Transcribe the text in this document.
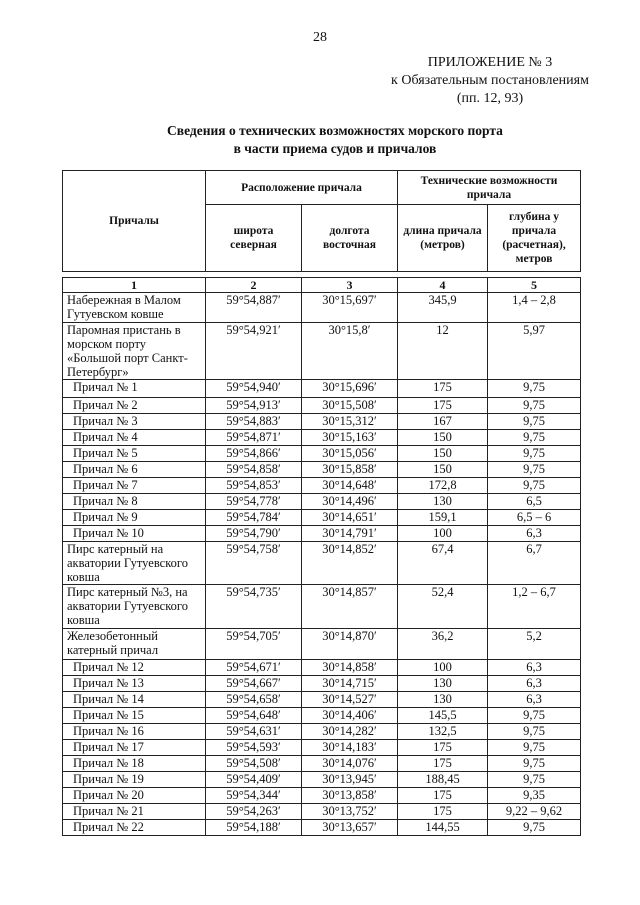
28
ПРИЛОЖЕНИЕ № 3
к Обязательным постановлениям
(пп. 12, 93)
Сведения о технических возможностях морского порта
в части приема судов и причалов
Причалы	Расположение причала		Технические возможности причала	
	широта северная	долгота восточная	длина причала (метров)	глубина у причала (расчетная), метров
1	2	3	4	5
Набережная в Малом Гутуевском ковше	59°54,887′	30°15,697′	345,9	1,4 – 2,8
Паромная пристань в морском порту «Большой порт Санкт-Петербург»	59°54,921′	30°15,8′	12	5,97
Причал № 1	59°54,940′	30°15,696′	175	9,75
Причал № 2	59°54,913′	30°15,508′	175	9,75
Причал № 3	59°54,883′	30°15,312′	167	9,75
Причал № 4	59°54,871′	30°15,163′	150	9,75
Причал № 5	59°54,866′	30°15,056′	150	9,75
Причал № 6	59°54,858′	30°15,858′	150	9,75
Причал № 7	59°54,853′	30°14,648′	172,8	9,75
Причал № 8	59°54,778′	30°14,496′	130	6,5
Причал № 9	59°54,784′	30°14,651′	159,1	6,5 – 6
Причал № 10	59°54,790′	30°14,791′	100	6,3
Пирс катерный на акватории Гутуевского ковша	59°54,758′	30°14,852′	67,4	6,7
Пирс катерный №3, на акватории Гутуевского ковша	59°54,735′	30°14,857′	52,4	1,2 – 6,7
Железобетонный катерный причал	59°54,705′	30°14,870′	36,2	5,2
Причал № 12	59°54,671′	30°14,858′	100	6,3
Причал № 13	59°54,667′	30°14,715′	130	6,3
Причал № 14	59°54,658′	30°14,527′	130	6,3
Причал № 15	59°54,648′	30°14,406′	145,5	9,75
Причал № 16	59°54,631′	30°14,282′	132,5	9,75
Причал № 17	59°54,593′	30°14,183′	175	9,75
Причал № 18	59°54,508′	30°14,076′	175	9,75
Причал № 19	59°54,409′	30°13,945′	188,45	9,75
Причал № 20	59°54,344′	30°13,858′	175	9,35
Причал № 21	59°54,263′	30°13,752′	175	9,22 – 9,62
Причал № 22	59°54,188′	30°13,657′	144,55	9,75
